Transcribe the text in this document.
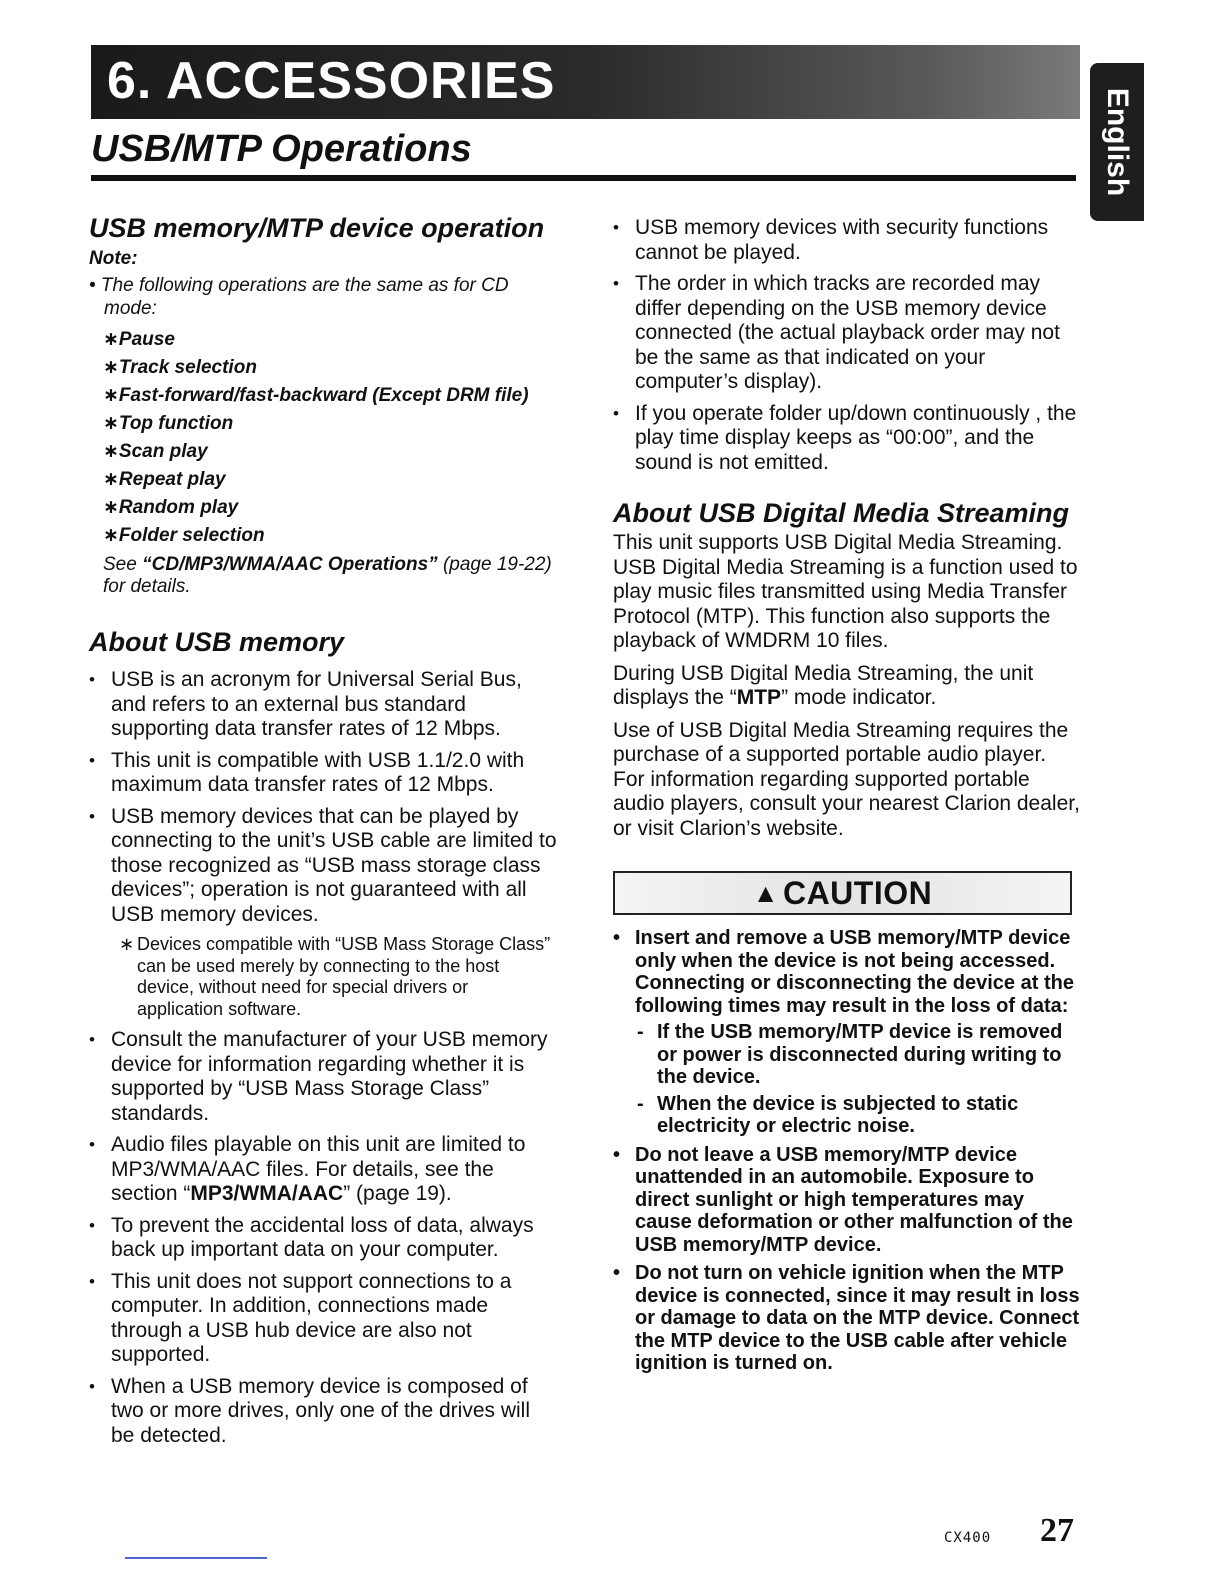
6. ACCESSORIES
English
USB/MTP Operations
USB memory/MTP device operation
Note:

• The following operations are the same as for CD mode:

∗Pause
∗Track selection
∗Fast-forward/fast-backward (Except DRM file)
∗Top function
∗Scan play
∗Repeat play
∗Random play
∗Folder selection

See “CD/MP3/WMA/AAC Operations” (page 19-22) for details.

About USB memory
• USB is an acronym for Universal Serial Bus, and refers to an external bus standard supporting data transfer rates of 12 Mbps.
• This unit is compatible with USB 1.1/2.0 with maximum data transfer rates of 12 Mbps.
• USB memory devices that can be played by connecting to the unit’s USB cable are limited to those recognized as “USB mass storage class devices”; operation is not guaranteed with all USB memory devices.
∗ Devices compatible with “USB Mass Storage Class” can be used merely by connecting to the host device, without need for special drivers or application software.
• Consult the manufacturer of your USB memory device for information regarding whether it is supported by “USB Mass Storage Class” standards.
• Audio files playable on this unit are limited to MP3/WMA/AAC files. For details, see the section “MP3/WMA/AAC” (page 19).
• To prevent the accidental loss of data, always back up important data on your computer.
• This unit does not support connections to a computer. In addition, connections made through a USB hub device are also not supported.
• When a USB memory device is composed of two or more drives, only one of the drives will be detected.
• USB memory devices with security functions cannot be played.
• The order in which tracks are recorded may differ depending on the USB memory device connected (the actual playback order may not be the same as that indicated on your computer’s display).
• If you operate folder up/down continuously , the play time display keeps as “00:00”, and the sound is not emitted.
About USB Digital Media Streaming

This unit supports USB Digital Media Streaming. USB Digital Media Streaming is a function used to play music files transmitted using Media Transfer Protocol (MTP). This function also supports the playback of WMDRM 10 files.

During USB Digital Media Streaming, the unit displays the “MTP” mode indicator.

Use of USB Digital Media Streaming requires the purchase of a supported portable audio player. For information regarding supported portable audio players, consult your nearest Clarion dealer, or visit Clarion’s website.

▲ CAUTION
• Insert and remove a USB memory/MTP device only when the device is not being accessed. Connecting or disconnecting the device at the following times may result in the loss of data:
- If the USB memory/MTP device is removed or power is disconnected during writing to the device.
- When the device is subjected to static electricity or electric noise.
• Do not leave a USB memory/MTP device unattended in an automobile. Exposure to direct sunlight or high temperatures may cause deformation or other malfunction of the USB memory/MTP device.
• Do not turn on vehicle ignition when the MTP device is connected, since it may result in loss or damage to data on the MTP device. Connect the MTP device to the USB cable after vehicle ignition is turned on.
CX400 27
